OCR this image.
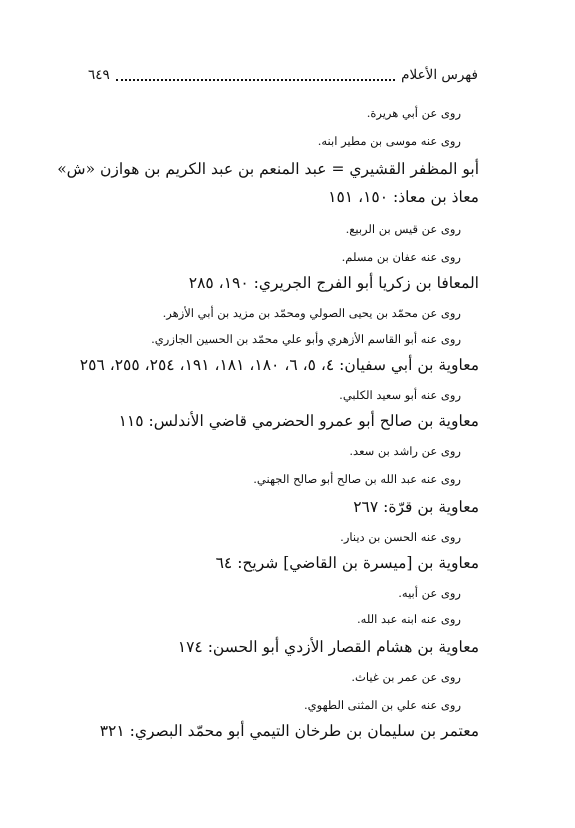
فهرس الأعلام
٦٤٩
روى عن أبي هريرة.
روى عنه موسى بن مطير ابنه.
أبو المظفر القشيري = عبد المنعم بن عبد الكريم بن هوازن «ش»
معاذ بن معاذ: ١٥٠، ١٥١
روى عن قيس بن الربيع.
روى عنه عفان بن مسلم.
المعافا بن زكريا أبو الفرج الجريري: ١٩٠، ٢٨٥
روى عن محمّد بن يحيى الصولي ومحمّد بن مزيد بن أبي الأزهر.
روى عنه أبو القاسم الأزهري وأبو علي محمّد بن الحسين الجازري.
معاوية بن أبي سفيان: ٤، ٥، ٦، ١٨٠، ١٨١، ١٩١، ٢٥٤، ٢٥٥، ٢٥٦
روى عنه أبو سعيد الكلبي.
معاوية بن صالح أبو عمرو الحضرمي قاضي الأندلس: ١١٥
روى عن راشد بن سعد.
روى عنه عبد الله بن صالح أبو صالح الجهني.
معاوية بن قرّة: ٢٦٧
روى عنه الحسن بن دينار.
معاوية بن [ميسرة بن القاضي] شريح: ٦٤
روى عن أبيه.
روى عنه ابنه عبد الله.
معاوية بن هشام القصار الأزدي أبو الحسن: ١٧٤
روى عن عمر بن غياث.
روى عنه علي بن المثنى الطهوي.
معتمر بن سليمان بن طرخان التيمي أبو محمّد البصري: ٣٢١
